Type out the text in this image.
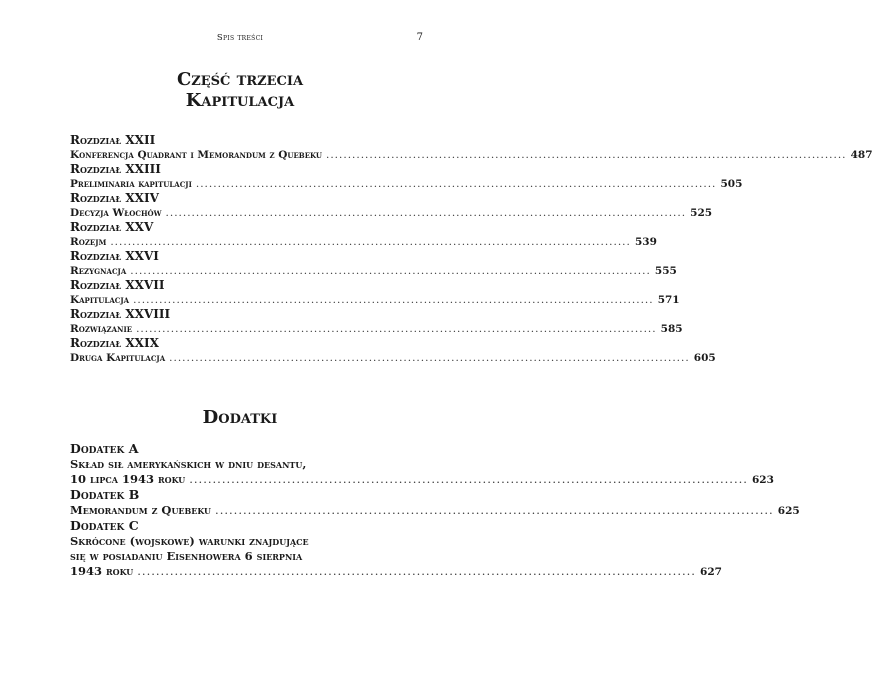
Spis treści	7
Część trzecia
Kapitulacja
Rozdział XXII
Konferencja Quadrant i Memorandum z Quebeku ........................................................................................................................ 487
Rozdział XXIII
Preliminaria kapitulacji ........................................................................................................................ 505
Rozdział XXIV
Decyzja Włochów ........................................................................................................................ 525
Rozdział XXV
Rozejm ........................................................................................................................ 539
Rozdział XXVI
Rezygnacja ........................................................................................................................ 555
Rozdział XXVII
Kapitulacja ........................................................................................................................ 571
Rozdział XXVIII
Rozwiązanie ........................................................................................................................ 585
Rozdział XXIX
Druga Kapitulacja ........................................................................................................................ 605
Dodatki
Dodatek A
Skład sił amerykańskich w dniu desantu,
10 lipca 1943 roku ........................................................................................................................ 623
Dodatek B
Memorandum z Quebeku ........................................................................................................................ 625
Dodatek C
Skrócone (wojskowe) warunki znajdujące
się w posiadaniu Eisenhowera 6 sierpnia
1943 roku ........................................................................................................................ 627
